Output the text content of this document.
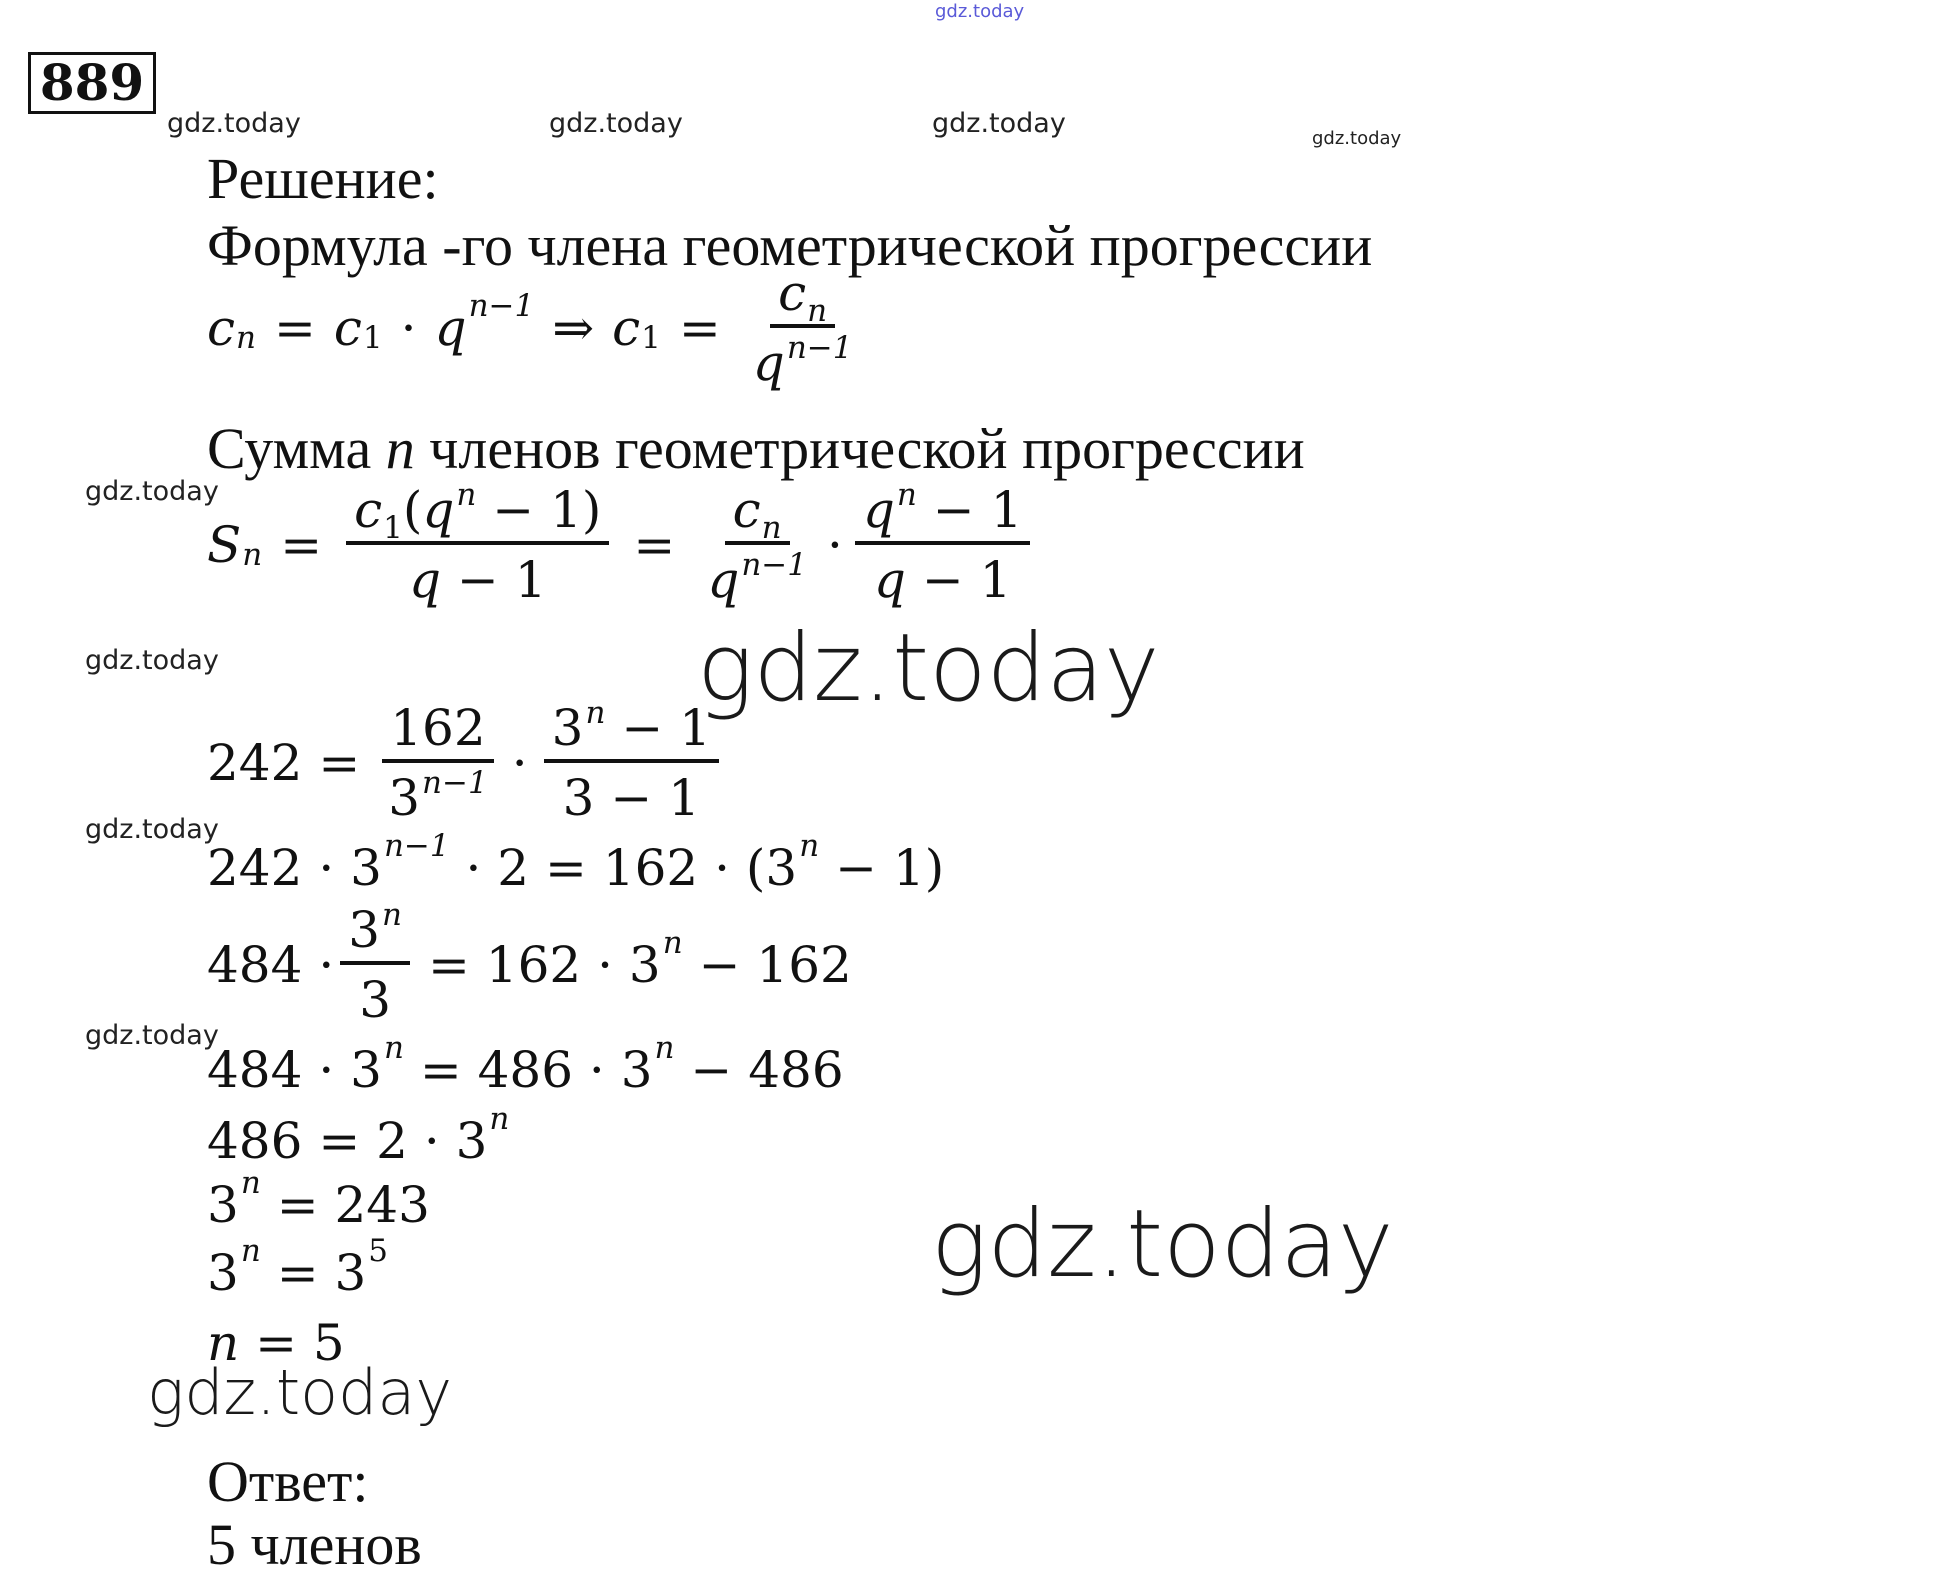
gdz.today
gdz.today	gdz.today	gdz.today	gdz.today
gdz.today
gdz.today
gdz.today
gdz.today
gdz.today
gdz.today
gdz.today
889
Решение:
Формула -го члена геометрической прогрессии
c $_n = c_1 \cdot q$ $^{n-1}$ ⇒ $c_1 = \frac{c_n}{q^{n-1}}$
Сумма n членов геометрической прогрессии
S $_n = \frac{c_1(q^n - 1)}{q - 1} = \frac{c_n}{q^{n-1}} \cdot \frac{q^n - 1}{q - 1}$
$242 = \frac{162}{3^{n-1}} \cdot \frac{3^n - 1}{3 - 1}$
242 · 3 $^{n-1}$
· 2 = 162 · (3 $^n$
− 1)
$484 \cdot \frac{3^n}{3} = 162 \cdot 3$ $^n$
− 162
484 · 3 $^n$
= 486 · 3 $^n$
− 486
486 = 2 · 3 $^n$
3 $^n$
= 243
3 $^n$
= $3^5$
n
= 5
Ответ:
5 членов
